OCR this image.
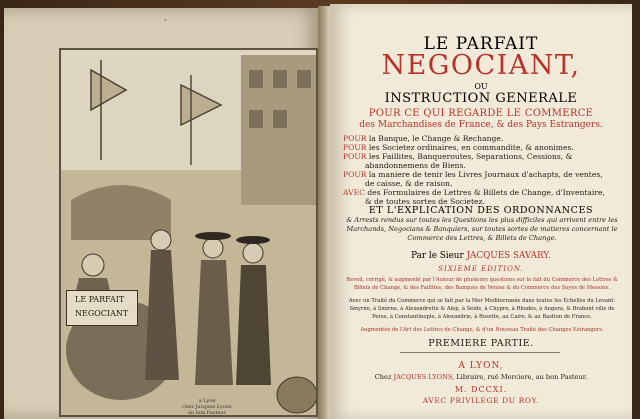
’
LE PARFAIT
NEGOCIANT
a Lyon
chez Jacques Lyons
au bon Pasteur
LE PARFAIT
NEGOCIANT,
OU
INSTRUCTION GENERALE
POUR CE QUI REGARDE LE COMMERCE
des Marchandises de France, & des Pays Estrangers.
POUR la Banque, le Change & Rechange.
POUR les Societez ordinaires, en commandite, & anonimes.
POUR les Faillites, Banqueroutes, Separations, Cessions, &
abandonnemens de Biens.
POUR la maniere de tenir les Livres Journaux d'achapts, de ventes,
de caisse, & de raison.
AVEC des Formulaires de Lettres & Billets de Change, d'Inventaire,
& de toutes sortes de Societez.
ET L'EXPLICATION DES ORDONNANCES
& Arrests rendus sur toutes les Questions les plus difficiles qui arrivent entre les Marchands, Negocians & Banquiers, sur toutes sortes de matieres concernant le Commerce des Lettres, & Billets de Change.
Par le Sieur JACQUES SAVARY.
SIXIEME EDITION.
Reveü, corrigé, & augmenté par l'Auteur de plusieurs questions sur le fait du Commerce des Lettres & Billets de Change, & des Faillites, des Banques de Venise & du Commerce des Soyes de Messine.
Avec un Traité du Commerce qui se fait par la Mer Mediterranée dans toutes les Echelles du Levant: Smyrne, à Smirne, à Alexandrette & Alep, à Seide, à Chypre, à Rhodes, à Angora, & Brabant ville de Perse, à Constantinople, à Alexandrie, à Rosette, au Caire, & au Bastion de France.
Augmentée de l'Art des Lettres de Change, & d'un Nouveau Traité des Changes Estrangers.
PREMIERE PARTIE.
A LYON,
Chez JACQUES LYONS, Libraire, ruë Merciere, au bon Pasteur.
M. DCCXI.
AVEC PRIVILEGE DU ROY.
